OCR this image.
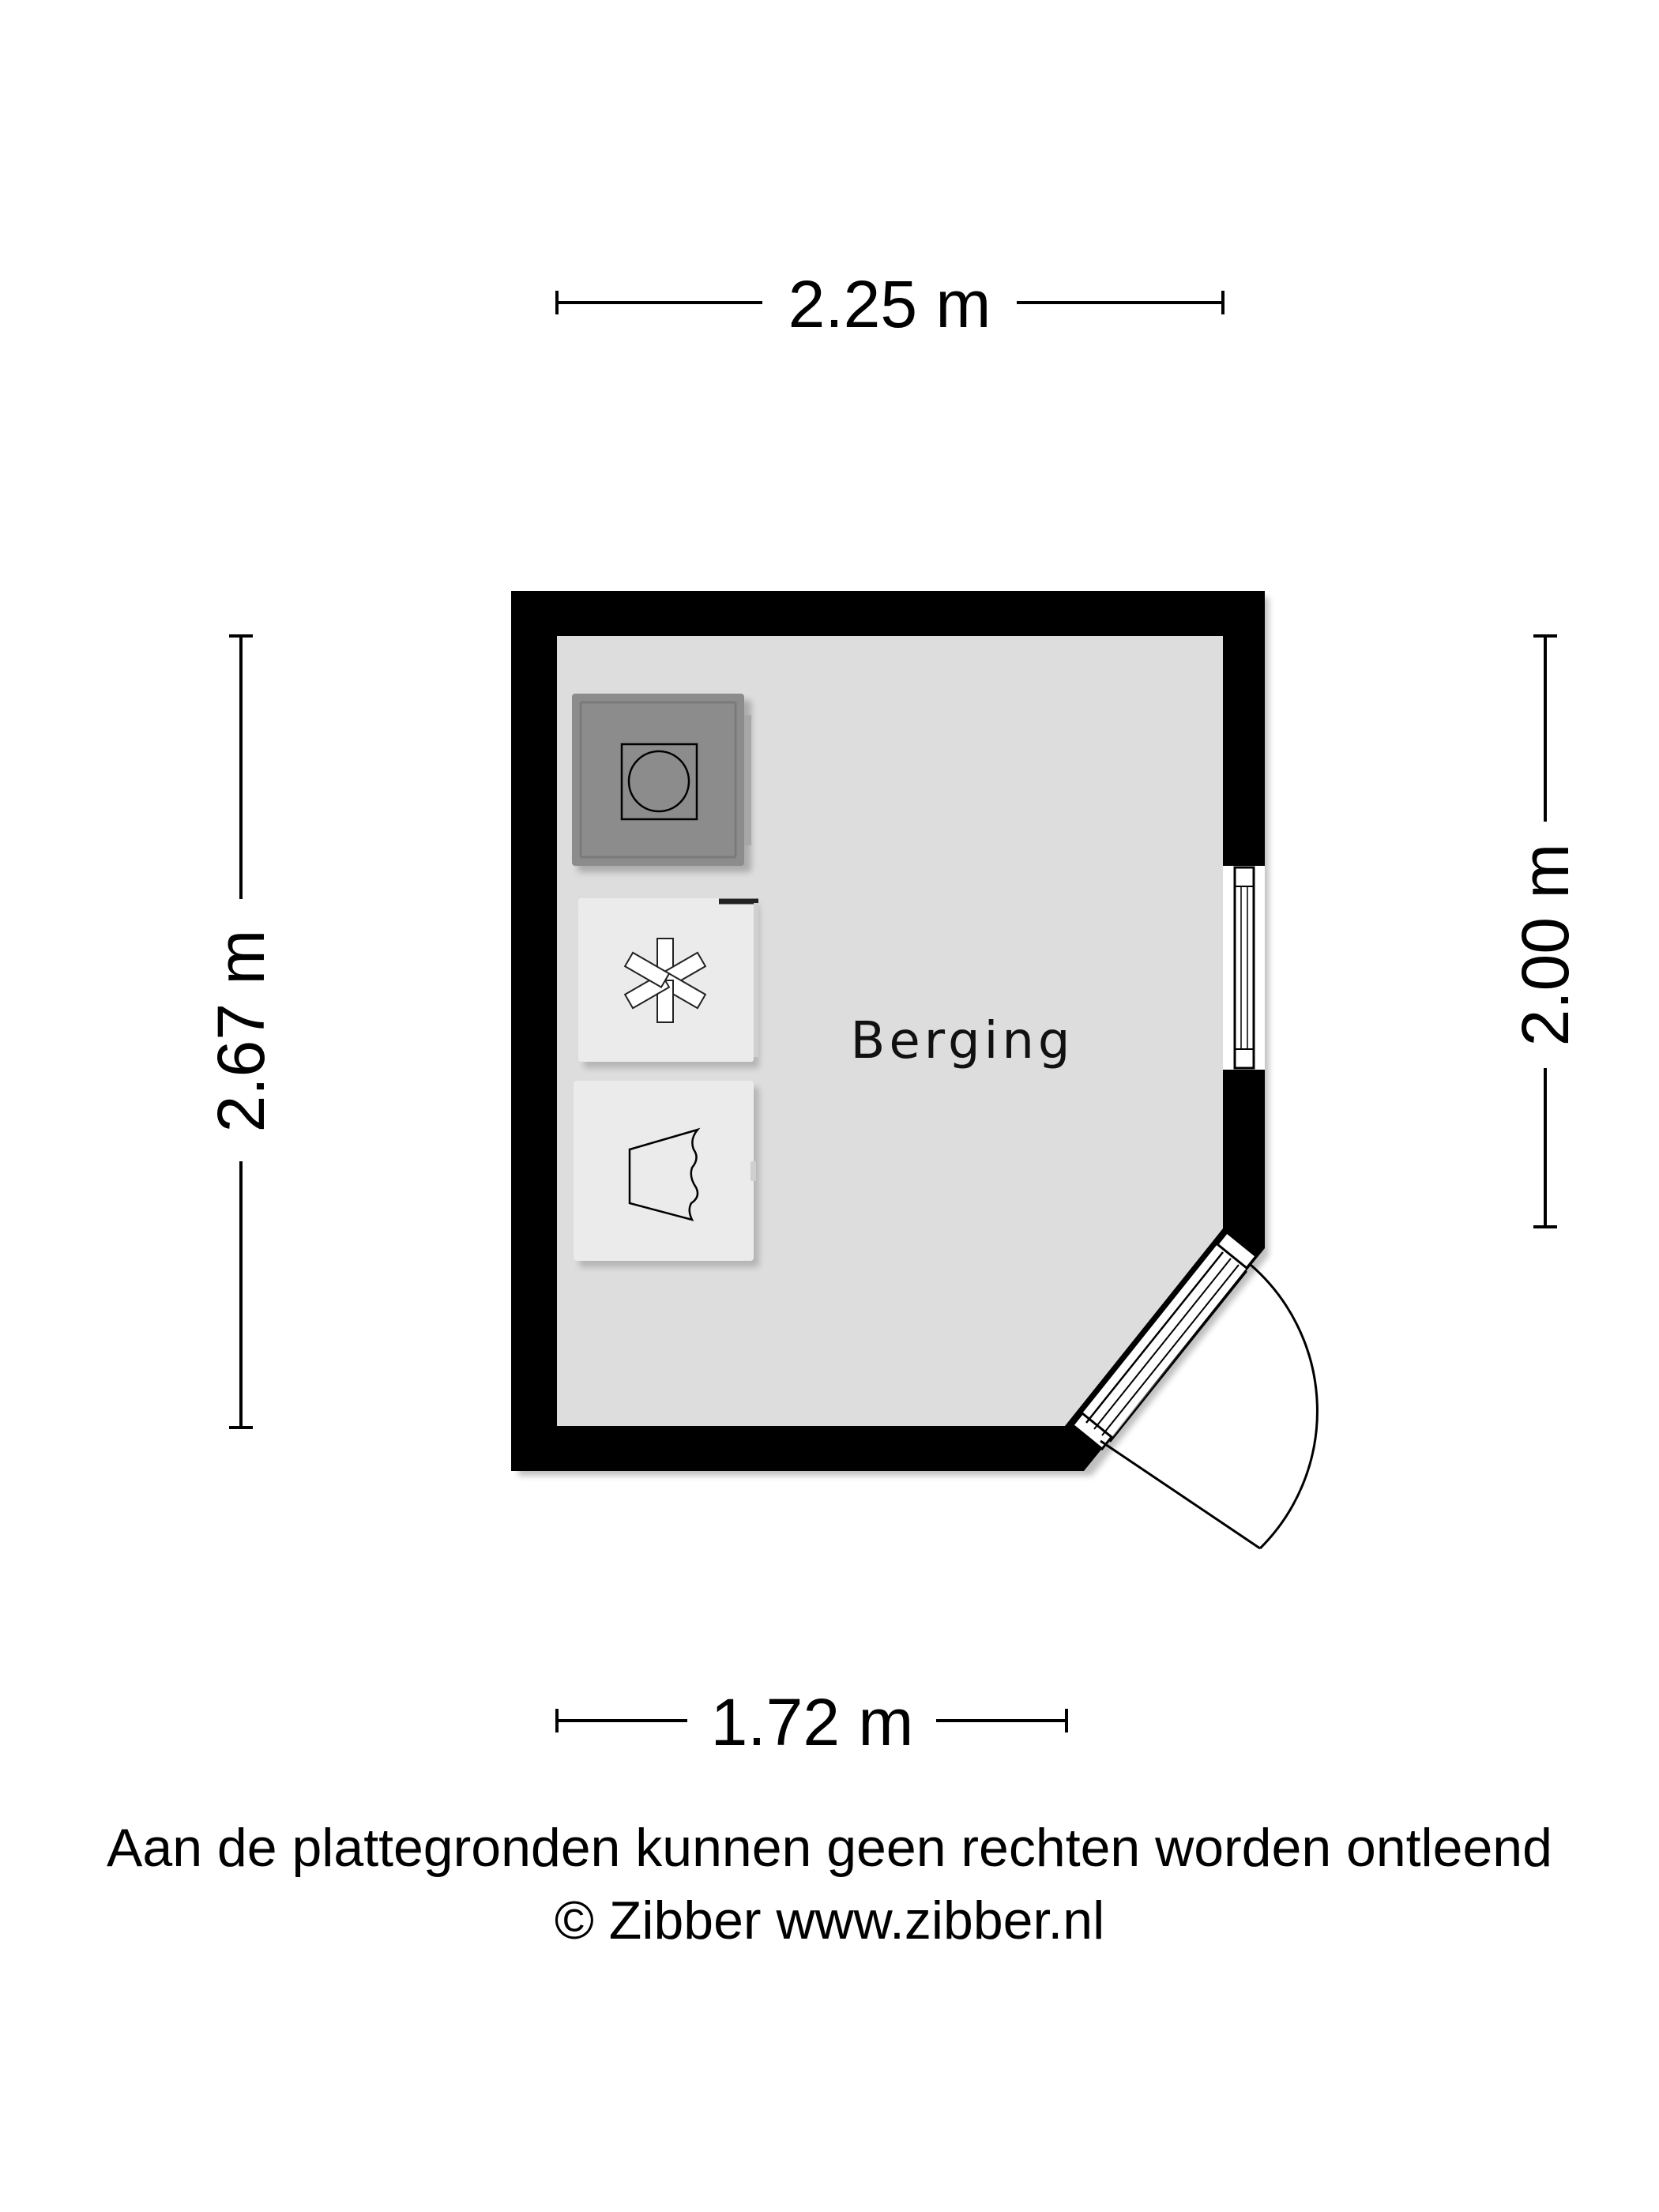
2.25 m
1.72 m
2.67 m	2.00 m
Berging
Aan de plattegronden kunnen geen rechten worden ontleend
© Zibber www.zibber.nl
